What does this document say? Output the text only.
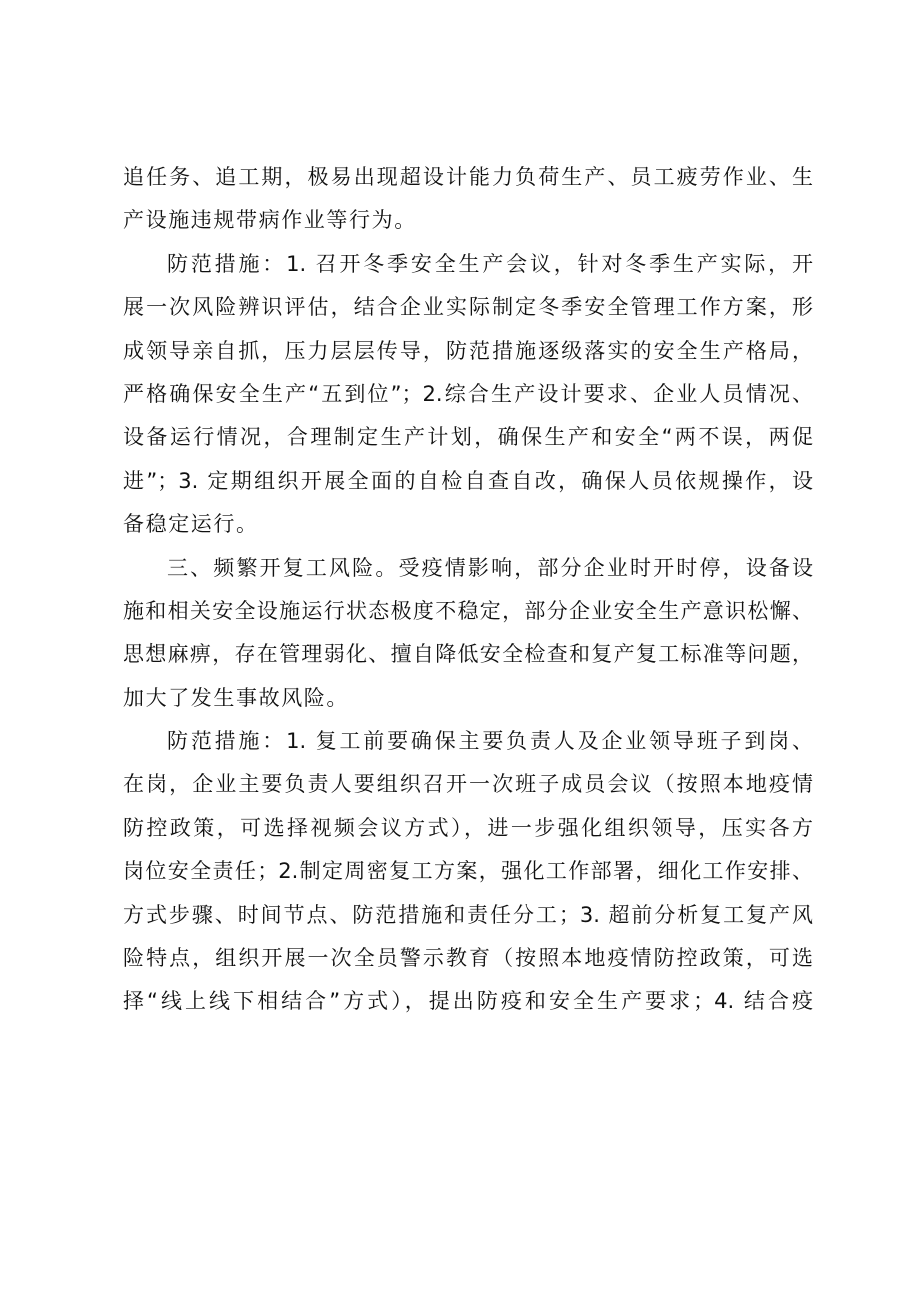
追任务、追工期，极易出现超设计能力负荷生产、员工疲劳作业、生
产设施违规带病作业等行为。
防范措施：1. 召开冬季安全生产会议，针对冬季生产实际，开
展一次风险辨识评估，结合企业实际制定冬季安全管理工作方案，形
成领导亲自抓，压力层层传导，防范措施逐级落实的安全生产格局，
严格确保安全生产“五到位”；2.综合生产设计要求、企业人员情况、
设备运行情况，合理制定生产计划，确保生产和安全“两不误，两促
进”；3. 定期组织开展全面的自检自查自改，确保人员依规操作，设
备稳定运行。
三、频繁开复工风险。受疫情影响，部分企业时开时停，设备设
施和相关安全设施运行状态极度不稳定，部分企业安全生产意识松懈、
思想麻痹，存在管理弱化、擅自降低安全检查和复产复工标准等问题，
加大了发生事故风险。
防范措施：1. 复工前要确保主要负责人及企业领导班子到岗、
在岗，企业主要负责人要组织召开一次班子成员会议（按照本地疫情
防控政策，可选择视频会议方式），进一步强化组织领导，压实各方
岗位安全责任；2.制定周密复工方案，强化工作部署，细化工作安排、
方式步骤、时间节点、防范措施和责任分工；3. 超前分析复工复产风
险特点，组织开展一次全员警示教育（按照本地疫情防控政策，可选
择“线上线下相结合”方式），提出防疫和安全生产要求；4. 结合疫
